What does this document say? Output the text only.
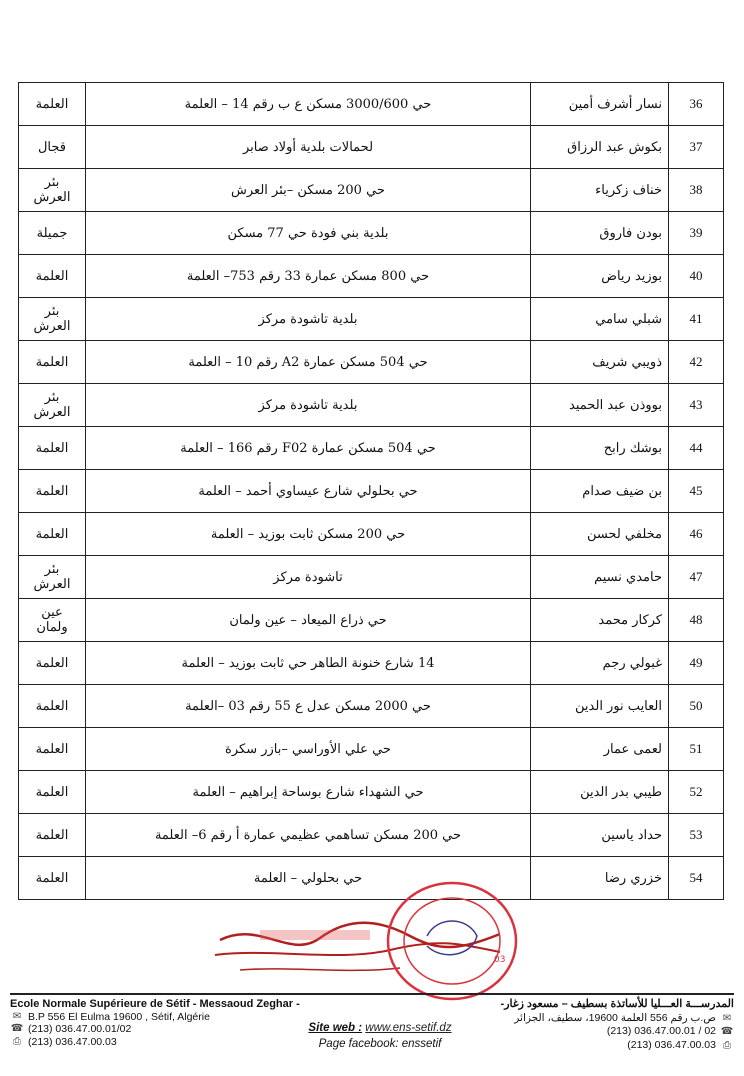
36	نسار أشرف أمين	حي 3000/600 مسكن ع ب رقم 14 – العلمة	العلمة
37	بكوش عبد الرزاق	لحمالات بلدية أولاد صابر	قجال
38	خناف زكرياء	حي 200 مسكن –بئر العرش	بئر العرش
39	بودن فاروق	بلدية بني فودة حي 77 مسكن	جميلة
40	بوزيد رياض	حي 800 مسكن عمارة 33 رقم 753– العلمة	العلمة
41	شبلي سامي	بلدية تاشودة مركز	بئر العرش
42	ذويبي شريف	حي 504 مسكن عمارة A2 رقم 10 – العلمة	العلمة
43	بووذن عبد الحميد	بلدية تاشودة مركز	بئر العرش
44	بوشك رابح	حي 504 مسكن عمارة F02 رقم 166 – العلمة	العلمة
45	بن ضيف صدام	حي بحلولي شارع عيساوي أحمد – العلمة	العلمة
46	مخلفي لحسن	حي 200 مسكن ثابت بوزيد – العلمة	العلمة
47	حامدي نسيم	تاشودة مركز	بئر العرش
48	كركار محمد	حي ذراع الميعاد – عين ولمان	عين ولمان
49	غبولي رجم	14 شارع خنونة الطاهر حي ثابت بوزيد – العلمة	العلمة
50	العايب نور الدين	حي 2000 مسكن عدل ع 55 رقم 03 –العلمة	العلمة
51	لعمى عمار	حي علي الأوراسي –بازر سكرة	العلمة
52	طيبي بدر الدين	حي الشهداء شارع بوساحة إبراهيم – العلمة	العلمة
53	حداد ياسين	حي 200 مسكن تساهمي عظيمي عمارة أ رقم 6– العلمة	العلمة
54	خزري رضا	حي بحلولي – العلمة	العلمة
03
Ecole Normale Supérieure de Sétif - Messaoud Zeghar -
✉ B.P 556 El Eulma 19600 , Sétif, Algérie
☎ (213) 036.47.00.01/02
⎙ (213) 036.47.00.03
Site web : www.ens-setif.dz
Page facebook: enssetif
المدرســـة العـــليا للأساتذة بسطيف – مسعود زغار-
✉
ص.ب رقم 556 العلمة 19600، سطيف، الجزائر
☎
(213) 036.47.00.01 / 02
⎙
(213) 036.47.00.03
